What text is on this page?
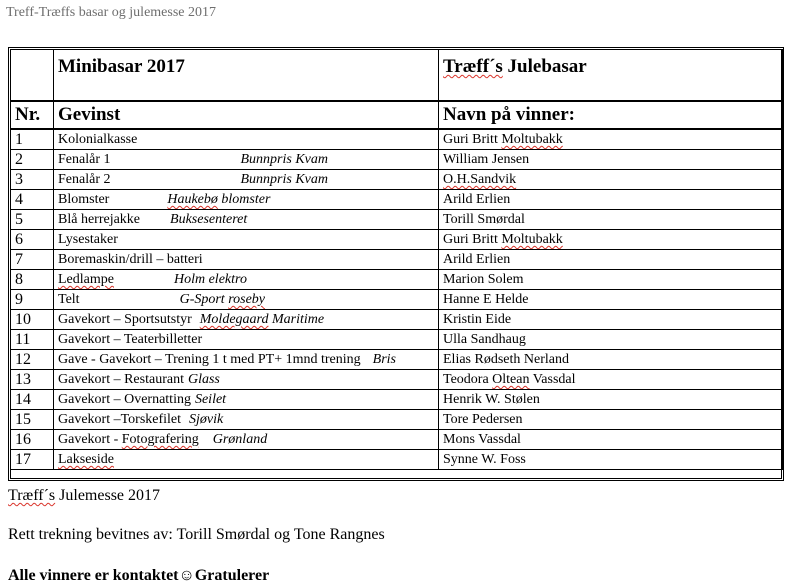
Treff-Træffs basar og julemesse 2017
	Minibasar 2017	Træff´s Julebasar
Nr.	Gevinst	Navn på vinner:
1	Kolonialkasse	Guri Britt Moltubakk
2	Fenalår 1 Bunnpris Kvam	William Jensen
3	Fenalår 2 Bunnpris Kvam	O.H.Sandvik
4	Blomster Haukebø blomster	Arild Erlien
5	Blå herrejakke Buksesenteret	Torill Smørdal
6	Lysestaker	Guri Britt Moltubakk
7	Boremaskin/drill – batteri	Arild Erlien
8	Ledlampe Holm elektro	Marion Solem
9	Telt G-Sport roseby	Hanne E Helde
10	Gavekort – Sportsutstyr Moldegaard Maritime	Kristin Eide
11	Gavekort – Teaterbilletter	Ulla Sandhaug
12	Gave - Gavekort – Trening 1 t med PT+ 1mnd trening Bris	Elias Rødseth Nerland
13	Gavekort – Restaurant Glass	Teodora Oltean Vassdal
14	Gavekort – Overnatting Seilet	Henrik W. Stølen
15	Gavekort –Torskefilet Sjøvik	Tore Pedersen
16	Gavekort - Fotografering Grønland	Mons Vassdal
17	Lakseside	Synne W. Foss
Træff´s Julemesse 2017
Rett trekning bevitnes av: Torill Smørdal og Tone Rangnes
Alle vinnere er kontaktet☺Gratulerer
